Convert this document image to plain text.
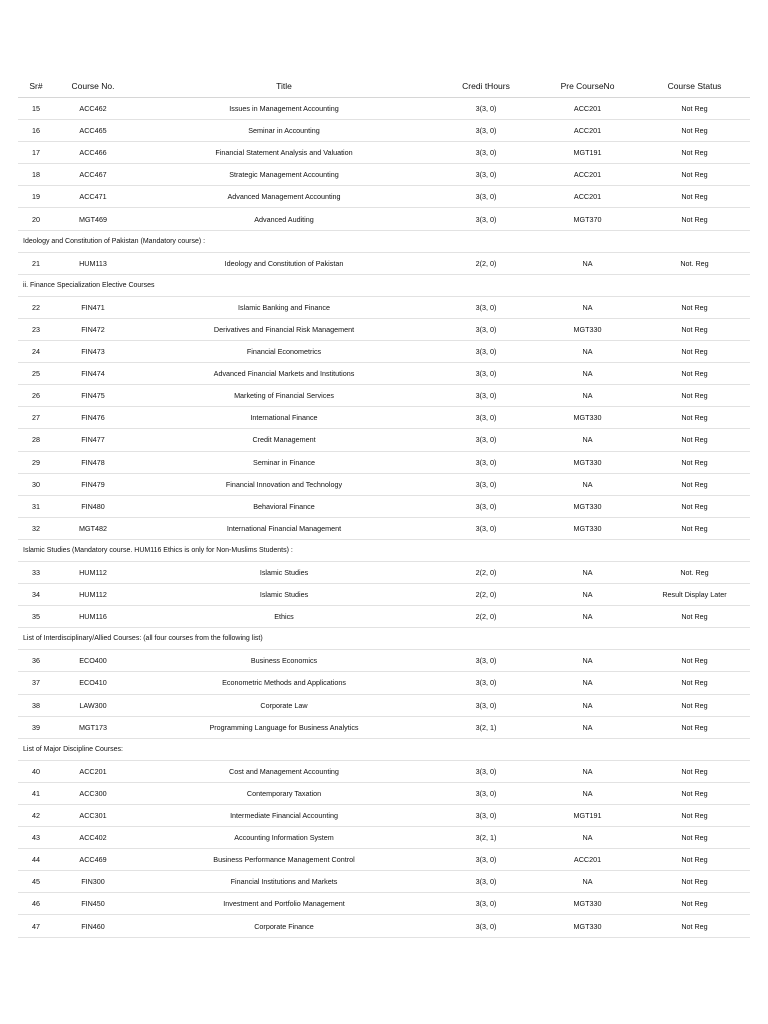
Sr#	Course No.	Title	Credi tHours	Pre CourseNo	Course Status
15	ACC462	Issues in Management Accounting	3(3, 0)	ACC201	Not Reg
16	ACC465	Seminar in Accounting	3(3, 0)	ACC201	Not Reg
17	ACC466	Financial Statement Analysis and Valuation	3(3, 0)	MGT191	Not Reg
18	ACC467	Strategic Management Accounting	3(3, 0)	ACC201	Not Reg
19	ACC471	Advanced Management Accounting	3(3, 0)	ACC201	Not Reg
20	MGT469	Advanced Auditing	3(3, 0)	MGT370	Not Reg
Ideology and Constitution of Pakistan (Mandatory course) :					
21	HUM113	Ideology and Constitution of Pakistan	2(2, 0)	NA	Not. Reg
ii. Finance Specialization Elective Courses					
22	FIN471	Islamic Banking and Finance	3(3, 0)	NA	Not Reg
23	FIN472	Derivatives and Financial Risk Management	3(3, 0)	MGT330	Not Reg
24	FIN473	Financial Econometrics	3(3, 0)	NA	Not Reg
25	FIN474	Advanced Financial Markets and Institutions	3(3, 0)	NA	Not Reg
26	FIN475	Marketing of Financial Services	3(3, 0)	NA	Not Reg
27	FIN476	International Finance	3(3, 0)	MGT330	Not Reg
28	FIN477	Credit Management	3(3, 0)	NA	Not Reg
29	FIN478	Seminar in Finance	3(3, 0)	MGT330	Not Reg
30	FIN479	Financial Innovation and Technology	3(3, 0)	NA	Not Reg
31	FIN480	Behavioral Finance	3(3, 0)	MGT330	Not Reg
32	MGT482	International Financial Management	3(3, 0)	MGT330	Not Reg
Islamic Studies (Mandatory course. HUM116 Ethics is only for Non-Muslims Students) :					
33	HUM112	Islamic Studies	2(2, 0)	NA	Not. Reg
34	HUM112	Islamic Studies	2(2, 0)	NA	Result Display Later
35	HUM116	Ethics	2(2, 0)	NA	Not Reg
List of Interdisciplinary/Allied Courses: (all four courses from the following list)					
36	ECO400	Business Economics	3(3, 0)	NA	Not Reg
37	ECO410	Econometric Methods and Applications	3(3, 0)	NA	Not Reg
38	LAW300	Corporate Law	3(3, 0)	NA	Not Reg
39	MGT173	Programming Language for Business Analytics	3(2, 1)	NA	Not Reg
List of Major Discipline Courses:					
40	ACC201	Cost and Management Accounting	3(3, 0)	NA	Not Reg
41	ACC300	Contemporary Taxation	3(3, 0)	NA	Not Reg
42	ACC301	Intermediate Financial Accounting	3(3, 0)	MGT191	Not Reg
43	ACC402	Accounting Information System	3(2, 1)	NA	Not Reg
44	ACC469	Business Performance Management Control	3(3, 0)	ACC201	Not Reg
45	FIN300	Financial Institutions and Markets	3(3, 0)	NA	Not Reg
46	FIN450	Investment and Portfolio Management	3(3, 0)	MGT330	Not Reg
47	FIN460	Corporate Finance	3(3, 0)	MGT330	Not Reg
